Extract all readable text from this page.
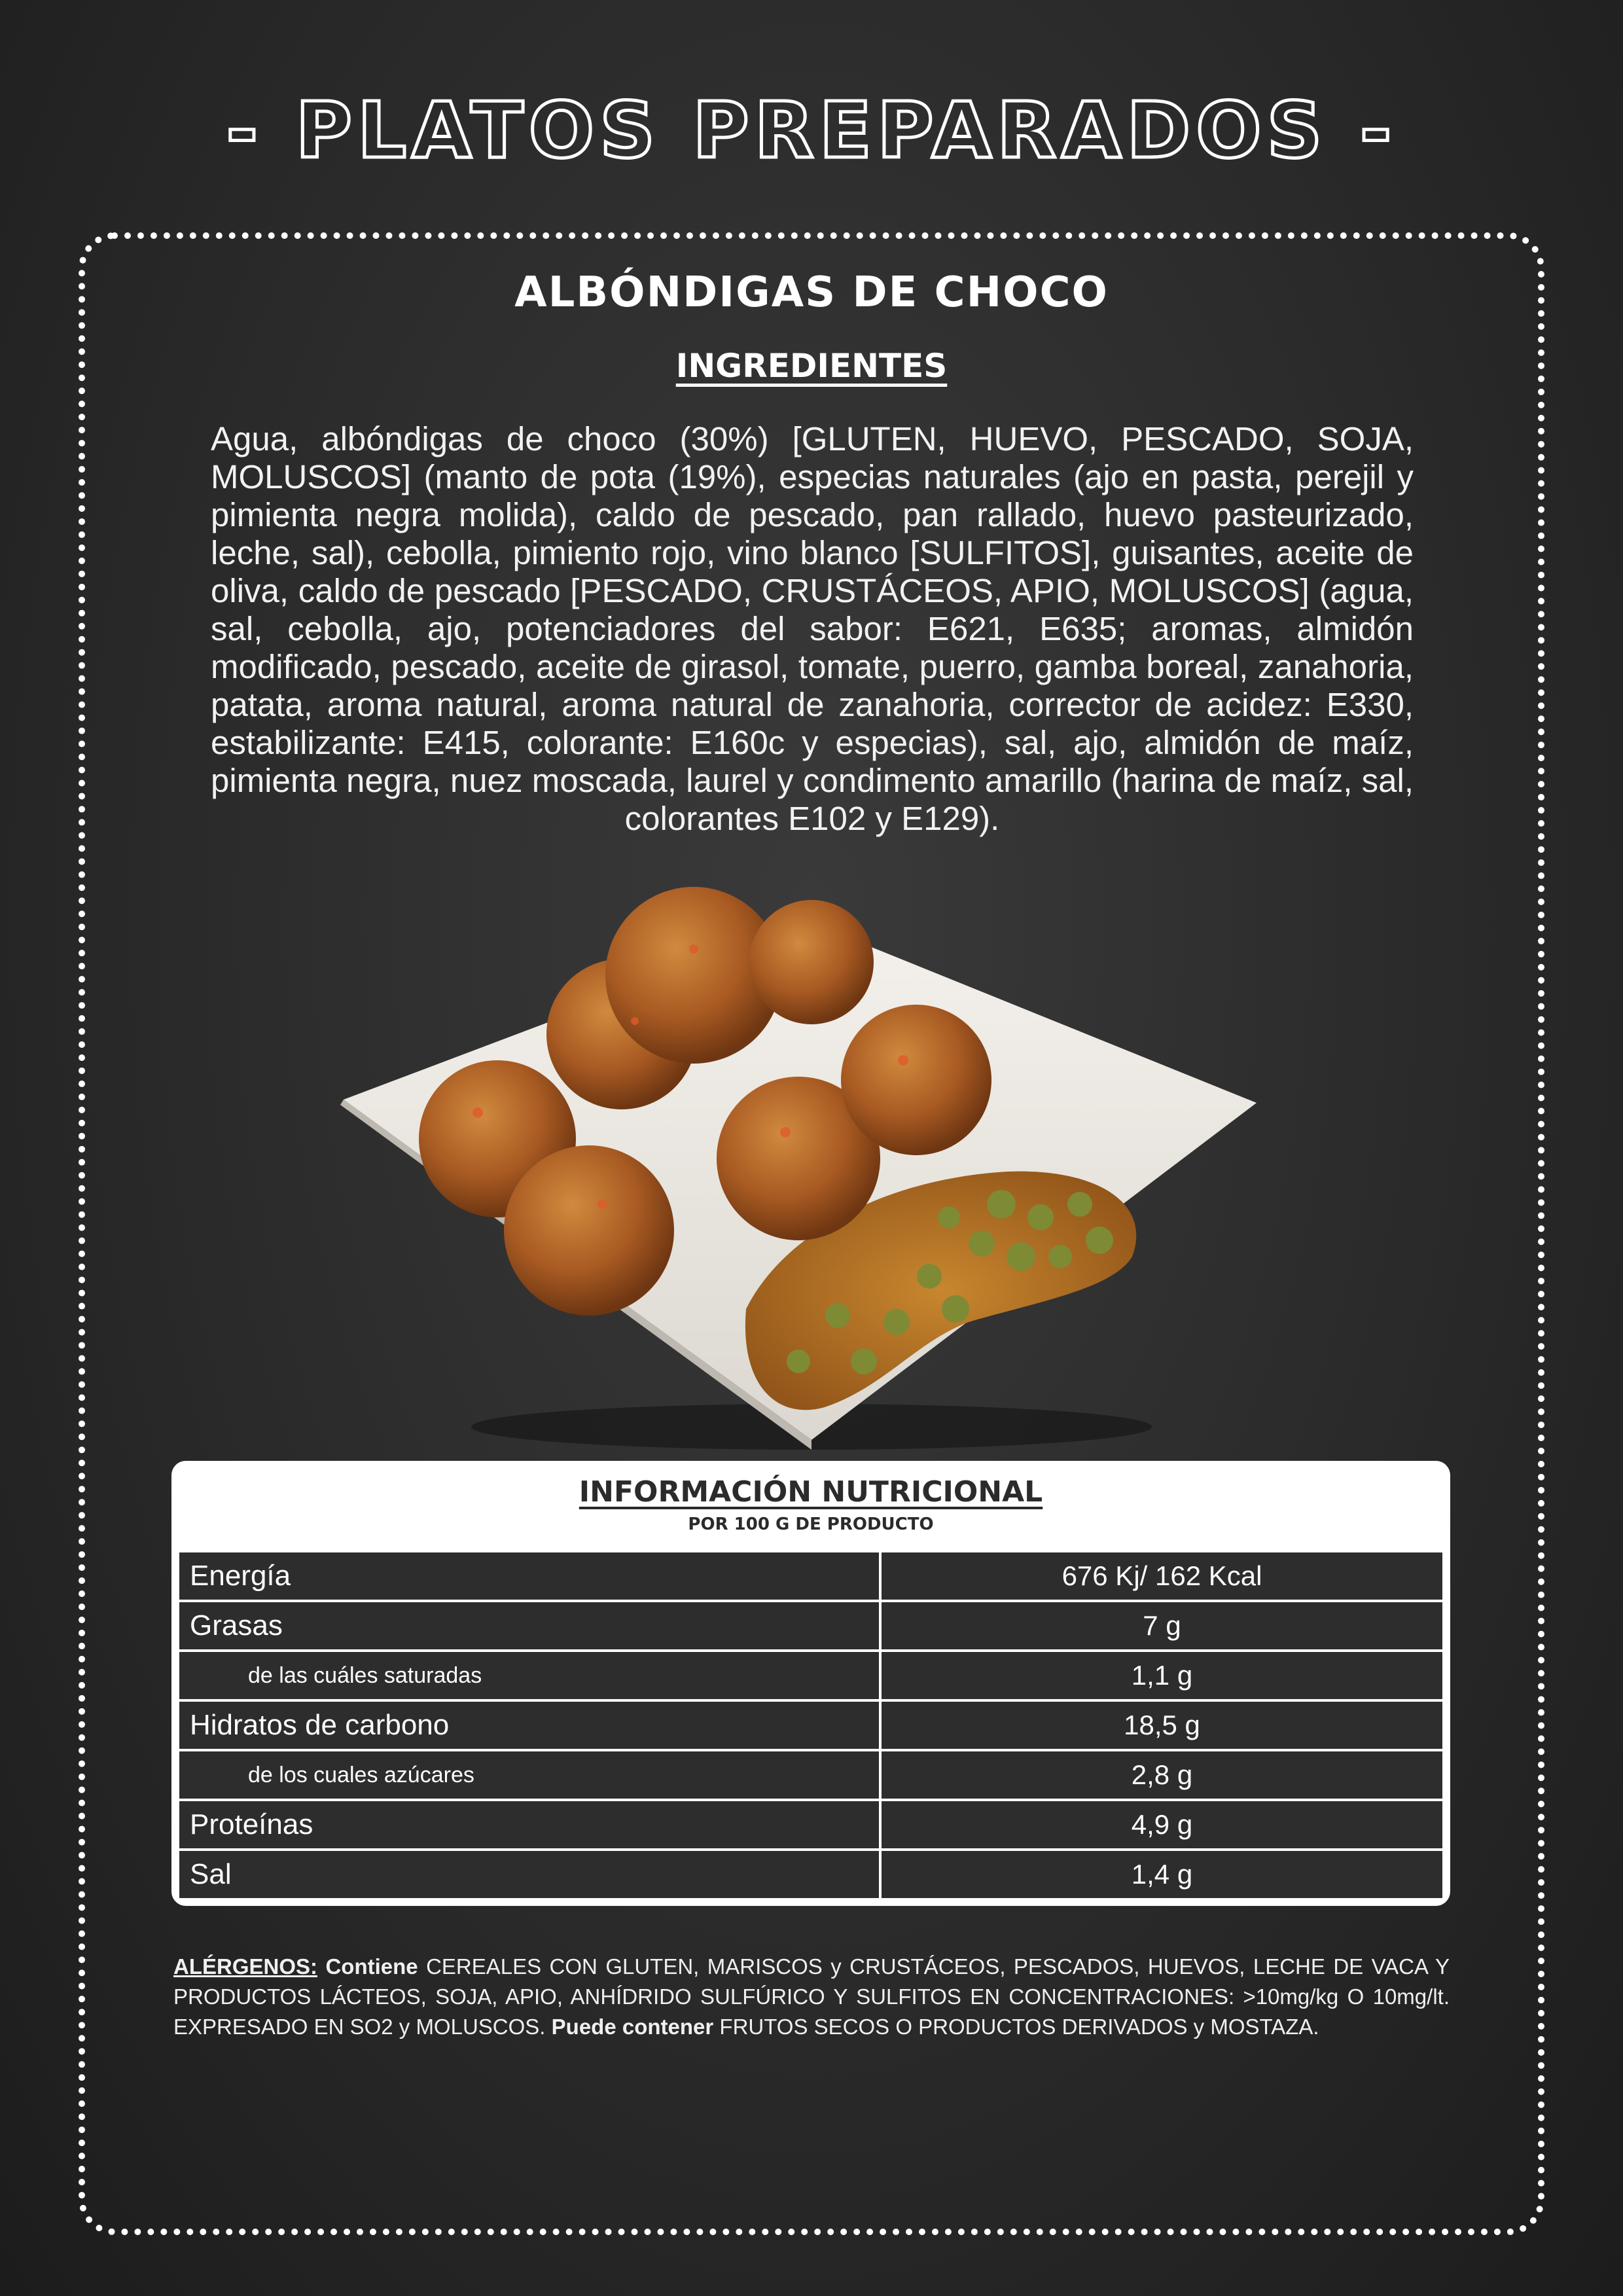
- PLATOS PREPARADOS -
ALBÓNDIGAS DE CHOCO
INGREDIENTES
Agua, albóndigas de choco (30%) [GLUTEN, HUEVO, PESCADO, SOJA, MOLUSCOS] (manto de pota (19%), especias naturales (ajo en pasta, perejil y pimienta negra molida), caldo de pescado, pan rallado, huevo pasteurizado, leche, sal), cebolla, pimiento rojo, vino blanco [SULFITOS], guisantes, aceite de oliva, caldo de pescado [PESCADO, CRUSTÁCEOS, APIO, MOLUSCOS] (agua, sal, cebolla, ajo, potenciadores del sabor: E621, E635; aromas, almidón modificado, pescado, aceite de girasol, tomate, puerro, gamba boreal, zanahoria, patata, aroma natural, aroma natural de zanahoria, corrector de acidez: E330, estabilizante: E415, colorante: E160c y especias), sal, ajo, almidón de maíz, pimienta negra, nuez moscada, laurel y condimento amarillo (harina de maíz, sal, colorantes E102 y E129).
INFORMACIÓN NUTRICIONAL
POR 100 G DE PRODUCTO
Energía	676 Kj/ 162 Kcal
Grasas	7 g
de las cuáles saturadas	1,1 g
Hidratos de carbono	18,5 g
de los cuales azúcares	2,8 g
Proteínas	4,9 g
Sal	1,4 g
ALÉRGENOS: Contiene CEREALES CON GLUTEN, MARISCOS y CRUSTÁCEOS, PESCADOS, HUEVOS, LECHE DE VACA Y PRODUCTOS LÁCTEOS, SOJA, APIO, ANHÍDRIDO SULFÚRICO Y SULFITOS EN CONCENTRACIONES: >10mg/kg O 10mg/lt. EXPRESADO EN SO2 y MOLUSCOS. Puede contener FRUTOS SECOS O PRODUCTOS DERIVADOS y MOSTAZA.
